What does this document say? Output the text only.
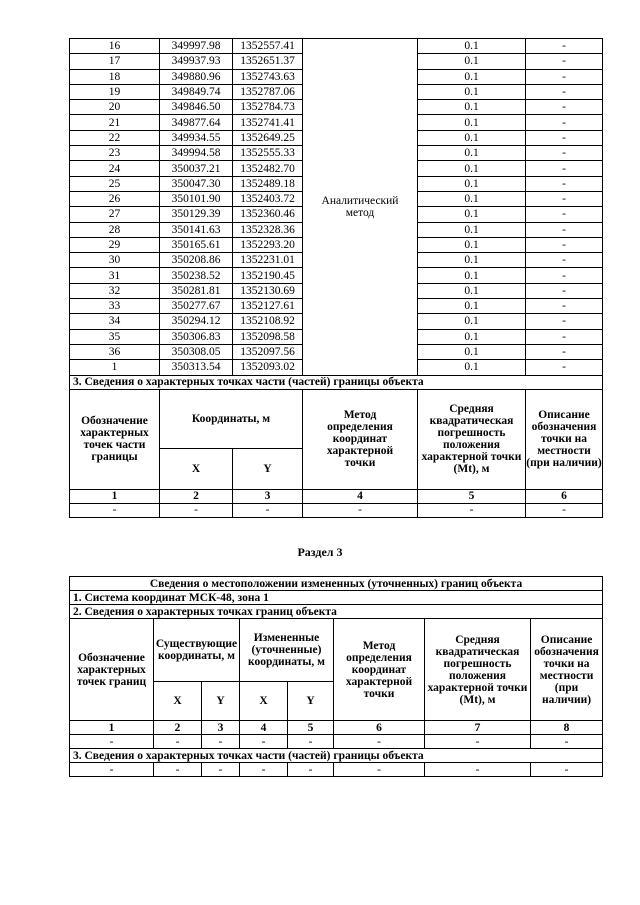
16	349997.98	1352557.41	Аналитический метод	0.1	-
17	349937.93	1352651.37		0.1	-
18	349880.96	1352743.63		0.1	-
19	349849.74	1352787.06		0.1	-
20	349846.50	1352784.73		0.1	-
21	349877.64	1352741.41		0.1	-
22	349934.55	1352649.25		0.1	-
23	349994.58	1352555.33		0.1	-
24	350037.21	1352482.70		0.1	-
25	350047.30	1352489.18		0.1	-
26	350101.90	1352403.72		0.1	-
27	350129.39	1352360.46		0.1	-
28	350141.63	1352328.36		0.1	-
29	350165.61	1352293.20		0.1	-
30	350208.86	1352231.01		0.1	-
31	350238.52	1352190.45		0.1	-
32	350281.81	1352130.69		0.1	-
33	350277.67	1352127.61		0.1	-
34	350294.12	1352108.92		0.1	-
35	350306.83	1352098.58		0.1	-
36	350308.05	1352097.56		0.1	-
1	350313.54	1352093.02		0.1	-
3. Сведения о характерных точках части (частей) границы объекта					
Обозначение характерных точек части границы	Координаты, м		Метод определения координат характерной точки	Средняя квадратическая погрешность положения характерной точки (Mt), м	Описание обозначения точки на местности (при наличии)
	X	Y			
1	2	3	4	5	6
-	-	-	-	-	-
Раздел 3
Сведения о местоположении измененных (уточненных) границ объекта							
1. Система координат МСК-48, зона 1							
2. Сведения о характерных точках границ объекта							
Обозначение характерных точек границ	Существующие координаты, м		Измененные (уточненные) координаты, м		Метод определения координат характерной точки	Средняя квадратическая погрешность положения характерной точки (Mt), м	Описание обозначения точки на местности (при наличии)
	X	Y	X	Y			
1	2	3	4	5	6	7	8
-	-	-	-	-	-	-	-
3. Сведения о характерных точках части (частей) границы объекта							
-	-	-	-	-	-	-	-
